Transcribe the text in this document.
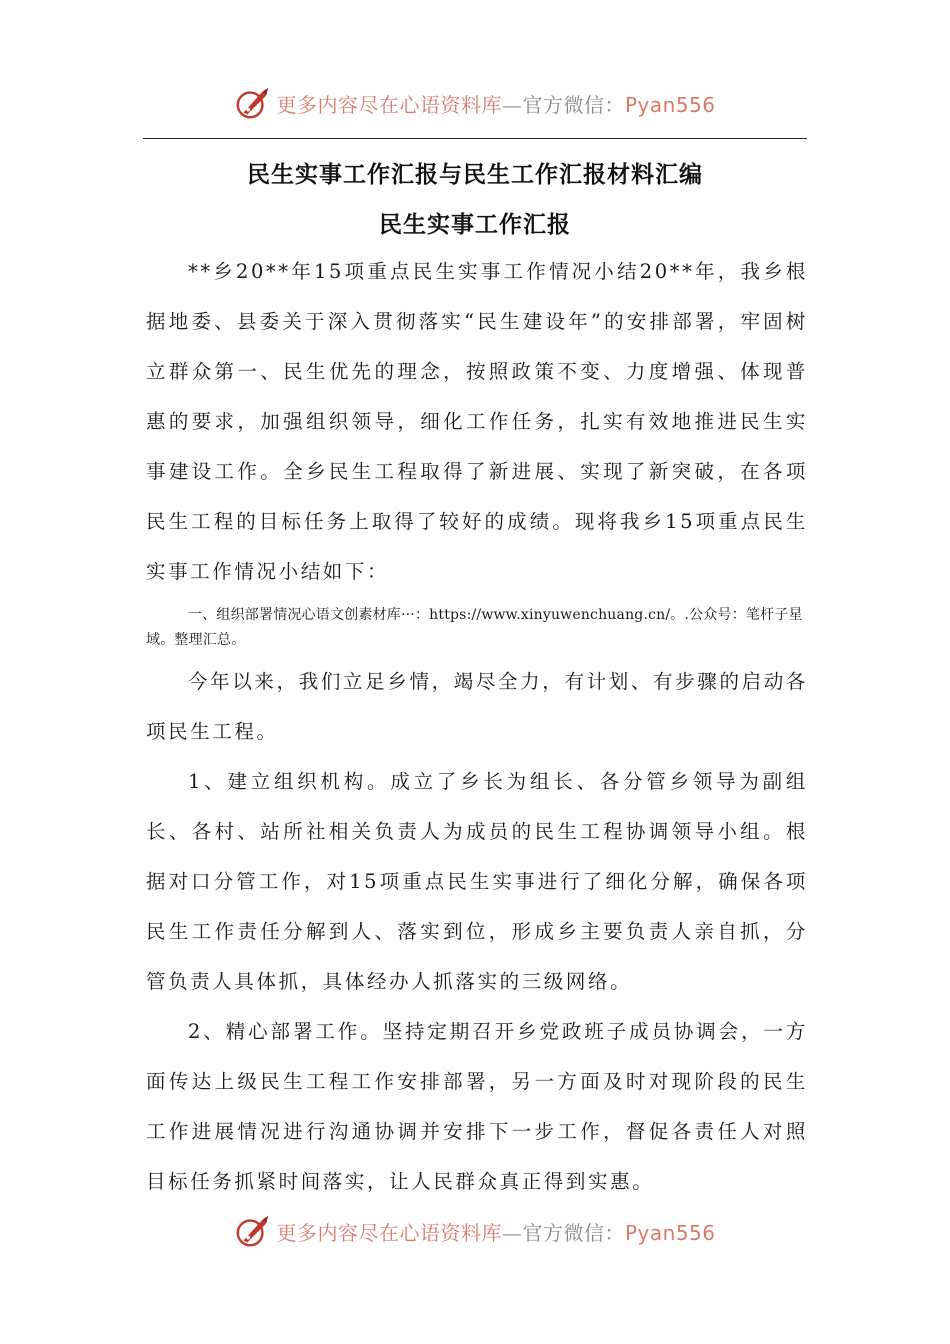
更多内容尽在心语资料库—官方微信：Pyan556
民生实事工作汇报与民生工作汇报材料汇编
民生实事工作汇报

**乡20**年15项重点民生实事工作情况小结20**年，我乡根据地委、县委关于深入贯彻落实“民生建设年”的安排部署，牢固树立群众第一、民生优先的理念，按照政策不变、力度增强、体现普惠的要求，加强组织领导，细化工作任务，扎实有效地推进民生实事建设工作。全乡民生工程取得了新进展、实现了新突破，在各项民生工程的目标任务上取得了较好的成绩。现将我乡15项重点民生实事工作情况小结如下：

一、组织部署情况心语文创素材库···：https://www.xinyuwenchuang.cn/。.公众号：笔杆子星域。整理汇总。

今年以来，我们立足乡情，竭尽全力，有计划、有步骤的启动各项民生工程。

1、建立组织机构。成立了乡长为组长、各分管乡领导为副组长、各村、站所社相关负责人为成员的民生工程协调领导小组。根据对口分管工作，对15项重点民生实事进行了细化分解，确保各项民生工作责任分解到人、落实到位，形成乡主要负责人亲自抓，分管负责人具体抓，具体经办人抓落实的三级网络。

2、精心部署工作。坚持定期召开乡党政班子成员协调会，一方面传达上级民生工程工作安排部署，另一方面及时对现阶段的民生工作进展情况进行沟通协调并安排下一步工作，督促各责任人对照目标任务抓紧时间落实，让人民群众真正得到实惠。

更多内容尽在心语资料库—官方微信：Pyan556
